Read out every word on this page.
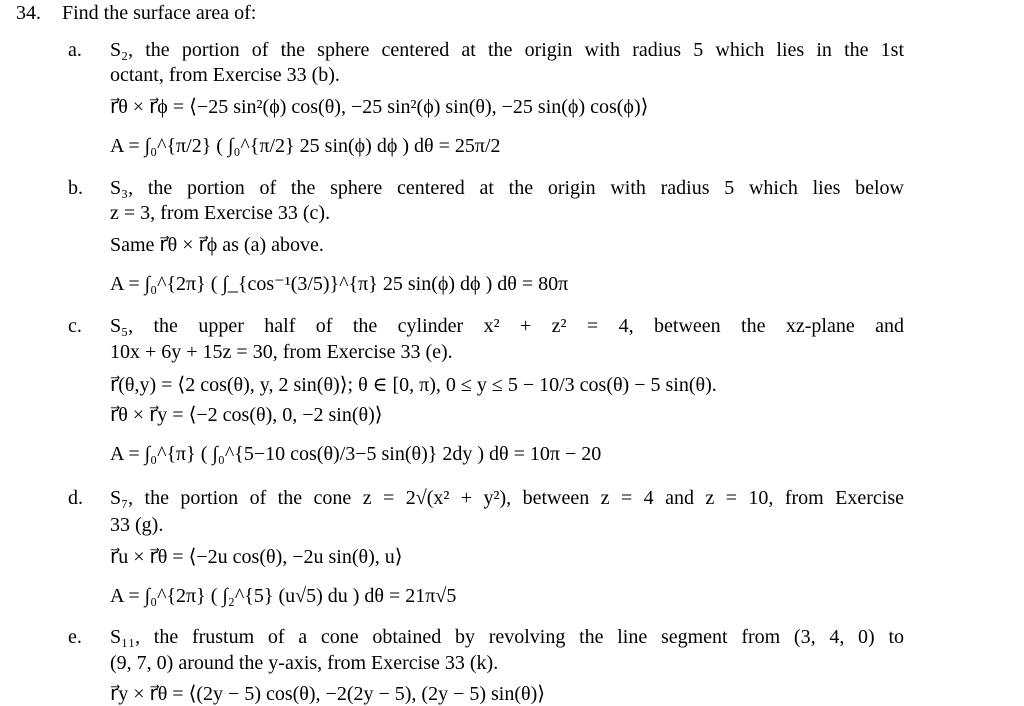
34. Find the surface area of:
a. S₂, the portion of the sphere centered at the origin with radius 5 which lies in the 1st
octant, from Exercise 33 (b).
r⃗θ × r⃗ϕ = ⟨−25 sin²(ϕ) cos(θ), −25 sin²(ϕ) sin(θ), −25 sin(ϕ) cos(ϕ)⟩
A = ∫₀^{π/2} ( ∫₀^{π/2} 25 sin(ϕ) dϕ ) dθ = 25π/2
b. S₃, the portion of the sphere centered at the origin with radius 5 which lies below
z = 3, from Exercise 33 (c).
Same r⃗θ × r⃗ϕ as (a) above.
A = ∫₀^{2π} ( ∫_{cos⁻¹(3/5)}^{π} 25 sin(ϕ) dϕ ) dθ = 80π
c. S₅, the upper half of the cylinder x² + z² = 4, between the xz-plane and
10x + 6y + 15z = 30, from Exercise 33 (e).
r⃗(θ,y) = ⟨2 cos(θ), y, 2 sin(θ)⟩; θ ∈ [0, π), 0 ≤ y ≤ 5 − 10/3 cos(θ) − 5 sin(θ).
r⃗θ × r⃗y = ⟨−2 cos(θ), 0, −2 sin(θ)⟩
A = ∫₀^{π} ( ∫₀^{5−10 cos(θ)/3−5 sin(θ)} 2dy ) dθ = 10π − 20
d. S₇, the portion of the cone z = 2√(x² + y²), between z = 4 and z = 10, from Exercise
33 (g).
r⃗u × r⃗θ = ⟨−2u cos(θ), −2u sin(θ), u⟩
A = ∫₀^{2π} ( ∫₂^{5} (u√5) du ) dθ = 21π√5
e. S₁₁, the frustum of a cone obtained by revolving the line segment from (3, 4, 0) to
(9, 7, 0) around the y-axis, from Exercise 33 (k).
r⃗y × r⃗θ = ⟨(2y − 5) cos(θ), −2(2y − 5), (2y − 5) sin(θ)⟩
